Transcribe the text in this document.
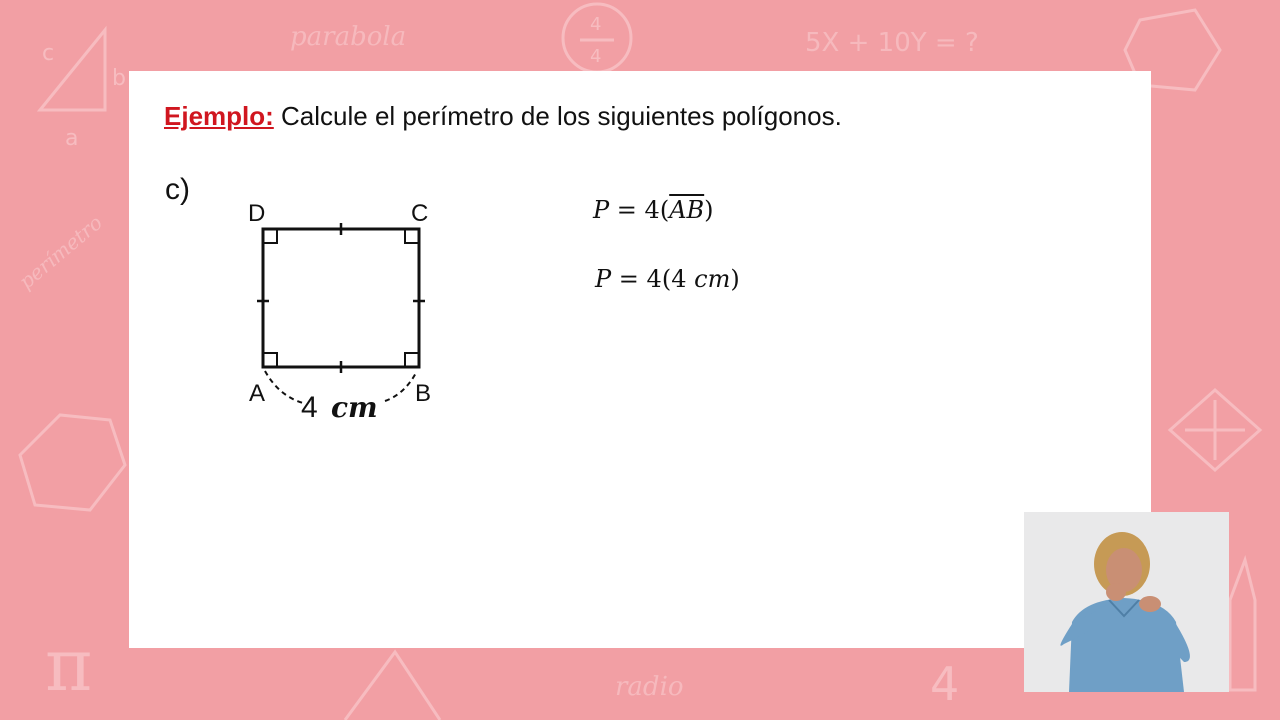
c
b
a
4
4
π	4
parabola	5X + 10Y = ?
radio
perímetro
Ejemplo: Calcule el perímetro de los siguientes polígonos.
c)
D	C
A	B
4 cm
$P = 4(\overline{AB})$
P = 4(4 cm)
